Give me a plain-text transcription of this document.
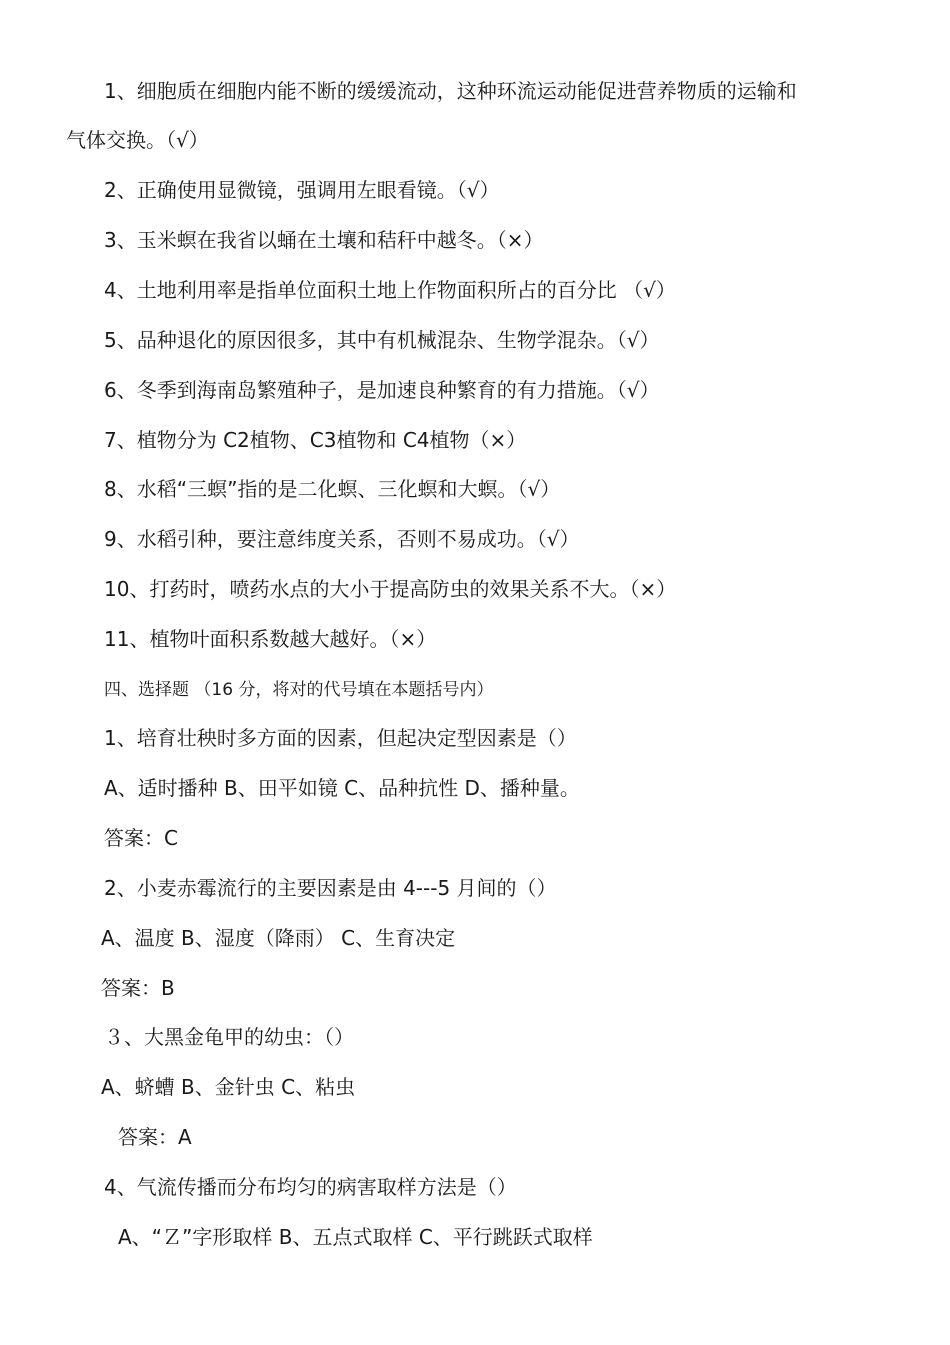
1、细胞质在细胞内能不断的缓缓流动，这种环流运动能促进营养物质的运输和
气体交换。（√）
2、正确使用显微镜，强调用左眼看镜。（√）
3、玉米螟在我省以蛹在土壤和秸秆中越冬。（×）
4、土地利用率是指单位面积土地上作物面积所占的百分比 （√）
5、品种退化的原因很多，其中有机械混杂、生物学混杂。（√）
6、冬季到海南岛繁殖种子，是加速良种繁育的有力措施。（√）
7、植物分为 C2植物、C3植物和 C4植物（×）
8、水稻“三螟”指的是二化螟、三化螟和大螟。（√）
9、水稻引种，要注意纬度关系，否则不易成功。（√）
10、打药时，喷药水点的大小于提高防虫的效果关系不大。（×）
11、植物叶面积系数越大越好。（×）
四、选择题 （16 分，将对的代号填在本题括号内）
1、培育壮秧时多方面的因素，但起决定型因素是（）
A、适时播种 B、田平如镜 C、品种抗性 D、播种量。
答案：C
2、小麦赤霉流行的主要因素是由 4---5 月间的（）
A、温度 B、湿度（降雨） C、生育决定
答案：B
３、大黑金龟甲的幼虫：（）
A、蛴螬 B、金针虫 C、粘虫
答案：A
4、气流传播而分布均匀的病害取样方法是（）
A、“Ｚ”字形取样 B、五点式取样 C、平行跳跃式取样
